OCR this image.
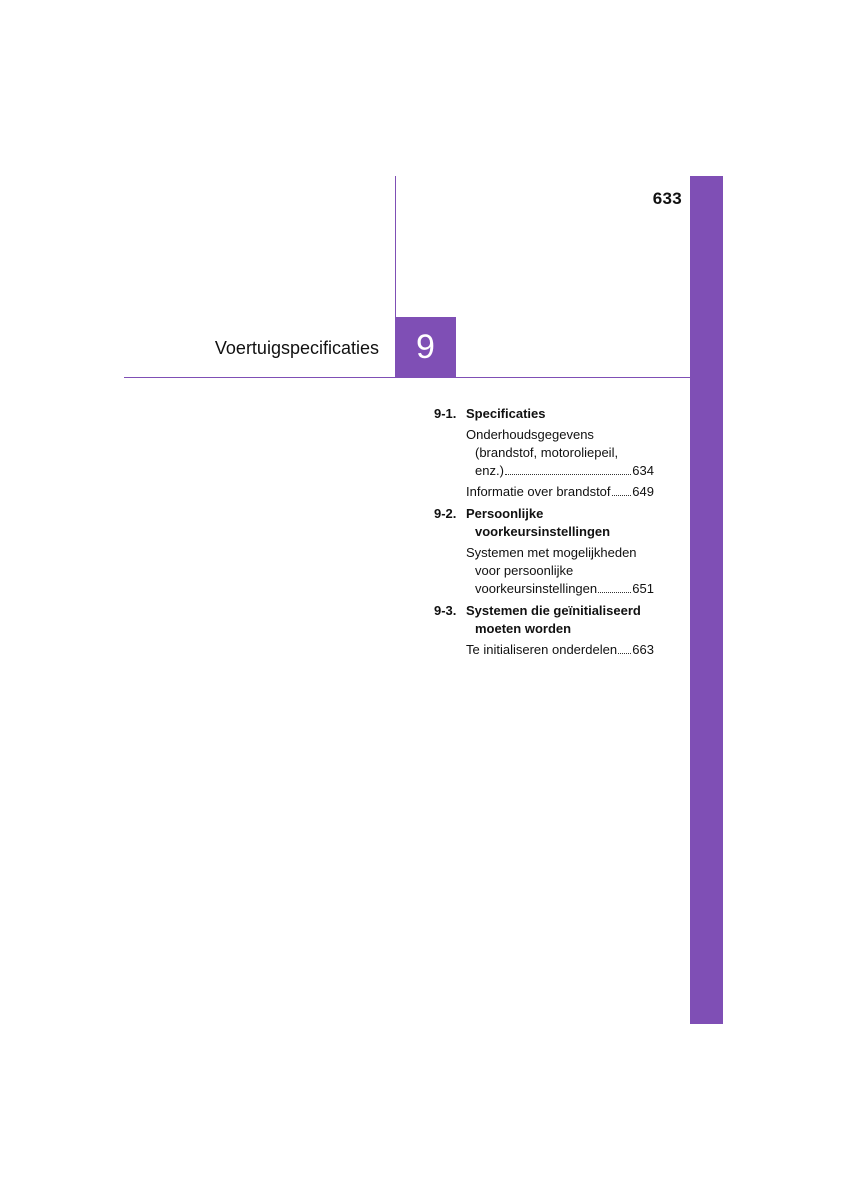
633
9
Voertuigspecificaties
9-1. Specificaties
Onderhoudsgegevens
(brandstof, motoroliepeil,
enz.)	634
Informatie over brandstof 649
9-2. Persoonlijke
voorkeursinstellingen
Systemen met mogelijkheden
voor persoonlijke
voorkeursinstellingen	651
9-3. Systemen die geïnitialiseerd
moeten worden
Te initialiseren onderdelen 663
